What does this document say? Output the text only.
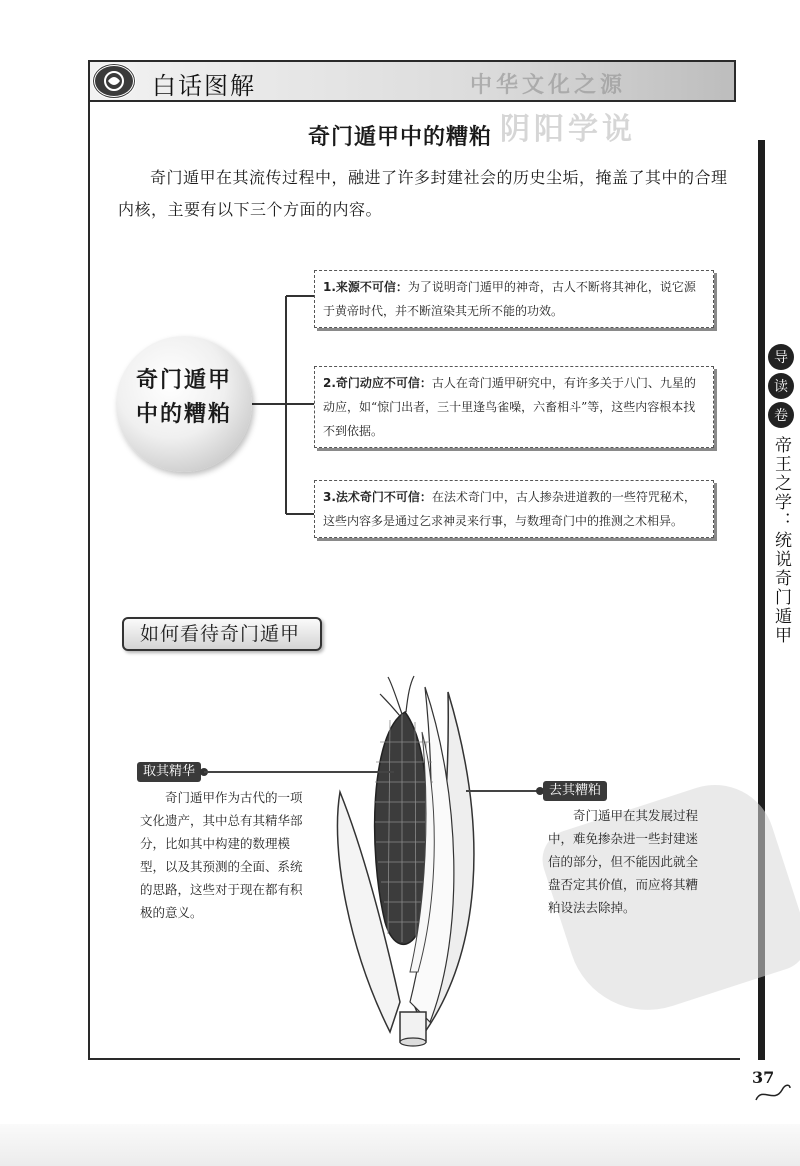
中华文化之源
阴阳学说
白话图解
导
读
卷
帝王之学：统说奇门遁甲
奇门遁甲中的糟粕
奇门遁甲在其流传过程中，融进了许多封建社会的历史尘垢，掩盖了其中的合理内核，主要有以下三个方面的内容。
奇门遁甲
中的糟粕
1.来源不可信：为了说明奇门遁甲的神奇，古人不断将其神化，说它源于黄帝时代，并不断渲染其无所不能的功效。
2.奇门动应不可信：古人在奇门遁甲研究中，有许多关于八门、九星的动应，如“惊门出者，三十里逢鸟雀噪，六畜相斗”等，这些内容根本找不到依据。
3.法术奇门不可信：在法术奇门中，古人掺杂进道教的一些符咒秘术，这些内容多是通过乞求神灵来行事，与数理奇门中的推测之术相异。
如何看待奇门遁甲
取其精华
奇门遁甲作为古代的一项文化遗产，其中总有其精华部分，比如其中构建的数理模型，以及其预测的全面、系统的思路，这些对于现在都有积极的意义。
去其糟粕
奇门遁甲在其发展过程中，难免掺杂进一些封建迷信的部分，但不能因此就全盘否定其价值，而应将其糟粕设法去除掉。
37
